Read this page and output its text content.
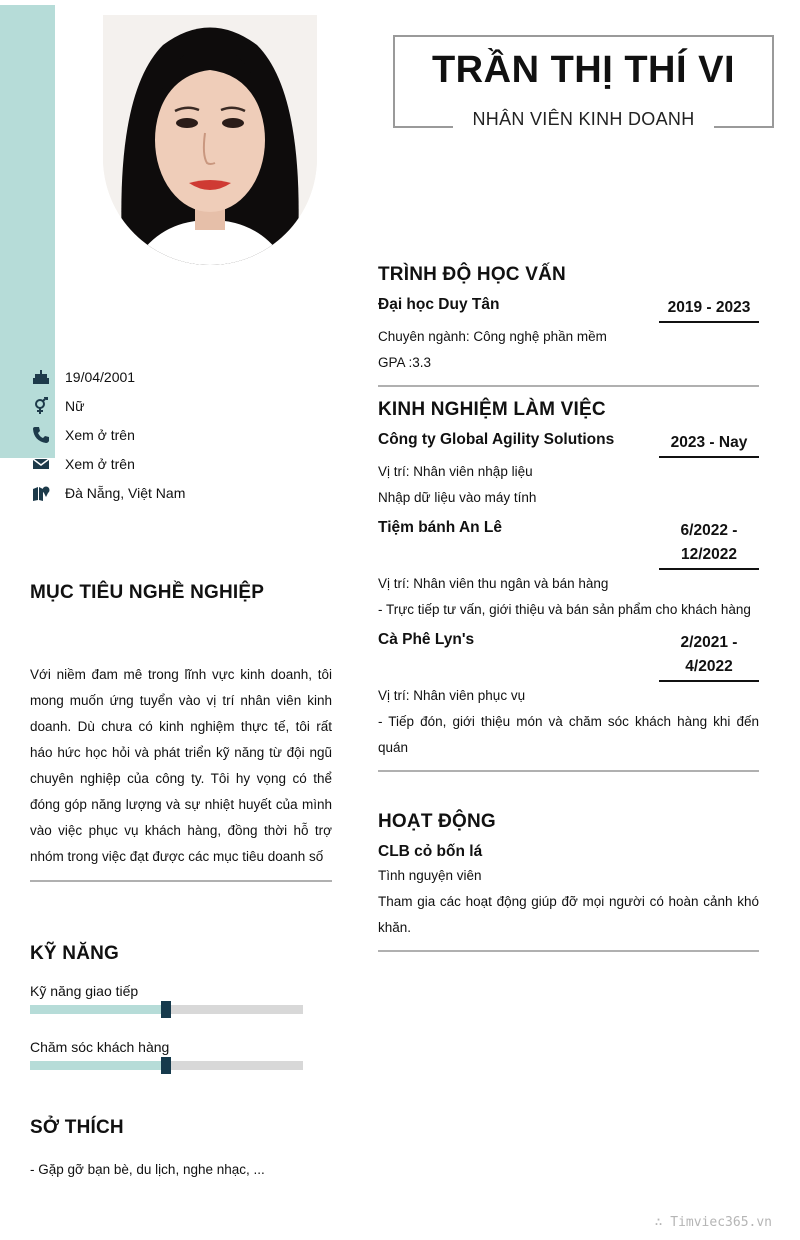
TRẦN THỊ THÍ VI
NHÂN VIÊN KINH DOANH
19/04/2001
Nữ
Xem ở trên
Xem ở trên
Đà Nẵng, Việt Nam
MỤC TIÊU NGHỀ NGHIỆP
Với niềm đam mê trong lĩnh vực kinh doanh, tôi mong muốn ứng tuyển vào vị trí nhân viên kinh doanh. Dù chưa có kinh nghiệm thực tế, tôi rất háo hức học hỏi và phát triển kỹ năng từ đội ngũ chuyên nghiệp của công ty. Tôi hy vọng có thể đóng góp năng lượng và sự nhiệt huyết của mình vào việc phục vụ khách hàng, đồng thời hỗ trợ nhóm trong việc đạt được các mục tiêu doanh số
KỸ NĂNG
Kỹ năng giao tiếp
Chăm sóc khách hàng
SỞ THÍCH
- Gặp gỡ bạn bè, du lịch, nghe nhạc, ...
TRÌNH ĐỘ HỌC VẤN
Đại học Duy Tân	2019 - 2023
Chuyên ngành: Công nghệ phần mềm
GPA :3.3
KINH NGHIỆM LÀM VIỆC
Công ty Global Agility Solutions	2023 - Nay
Vị trí: Nhân viên nhập liệu
Nhập dữ liệu vào máy tính
Tiệm bánh An Lê	6/2022 - 12/2022
Vị trí: Nhân viên thu ngân và bán hàng
- Trực tiếp tư vấn, giới thiệu và bán sản phẩm cho khách hàng
Cà Phê Lyn's	2/2021 - 4/2022
Vị trí: Nhân viên phục vụ
- Tiếp đón, giới thiệu món và chăm sóc khách hàng khi đến quán
HOẠT ĐỘNG
CLB cỏ bốn lá
Tình nguyện viên
Tham gia các hoạt động giúp đỡ mọi người có hoàn cảnh khó khăn.
∴ Timviec365.vn
